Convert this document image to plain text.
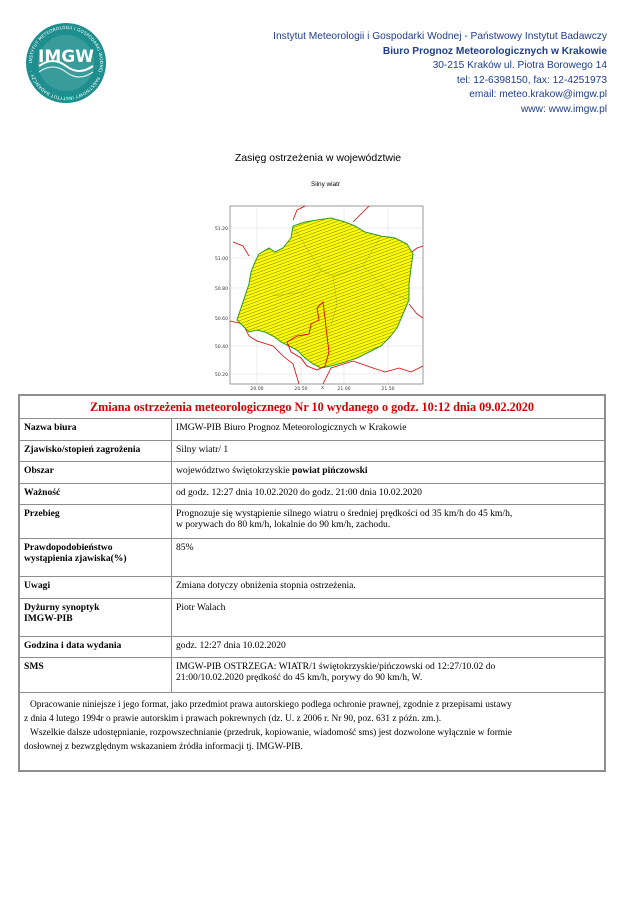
INSTYTUT METEOROLOGII I GOSPODARKI WODNEJ · PAŃSTWOWY INSTYTUT BADAWCZY ·
IMGW
Instytut Meteorologii i Gospodarki Wodnej - Państwowy Instytut Badawczy
Biuro Prognoz Meteorologicznych w Krakowie
30-215 Kraków ul. Piotra Borowego 14
tel: 12-6398150, fax: 12-4251973
email: meteo.krakow@imgw.pl
www: www.imgw.pl
Zasięg ostrzeżenia w województwie
Silny wiatr
51.20
51.00
50.80
50.60
50.40
50.20
20.00	20.50	21.00	21.50
X
Zmiana ostrzeżenia meteorologicznego Nr 10 wydanego o godz. 10:12 dnia 09.02.2020	
Nazwa biura	IMGW-PIB Biuro Prognoz Meteorologicznych w Krakowie
Zjawisko/stopień zagrożenia	Silny wiatr/ 1
Obszar	województwo świętokrzyskie powiat pińczowski
Ważność	od godz. 12:27 dnia 10.02.2020 do godz. 21:00 dnia 10.02.2020
Przebieg	Prognozuje się wystąpienie silnego wiatru o średniej prędkości od 35 km/h do 45 km/h,
w porywach do 80 km/h, lokalnie do 90 km/h, zachodu.

Prawdopodobieństwo
wystąpienia zjawiska(%)	85%
Uwagi	Zmiana dotyczy obniżenia stopnia ostrzeżenia.

Dyżurny synoptyk
IMGW-PIB	Piotr Walach
Godzina i data wydania	godz. 12:27 dnia 10.02.2020
SMS	IMGW-PIB OSTRZEGA: WIATR/1 świętokrzyskie/pińczowski od 12:27/10.02 do
21:00/10.02.2020 prędkość do 45 km/h, porywy do 90 km/h, W.

Opracowanie niniejsze i jego format, jako przedmiot prawa autorskiego podlega ochronie prawnej, zgodnie z przepisami ustawy
z dnia 4 lutego 1994r o prawie autorskim i prawach pokrewnych (dz. U. z 2006 r. Nr 90, poz. 631 z późn. zm.).
Wszelkie dalsze udostępnianie, rozpowszechnianie (przedruk, kopiowanie, wiadomość sms) jest dozwolone wyłącznie w formie
dosłownej z bezwzględnym wskazaniem źródła informacji tj. IMGW-PIB.	
